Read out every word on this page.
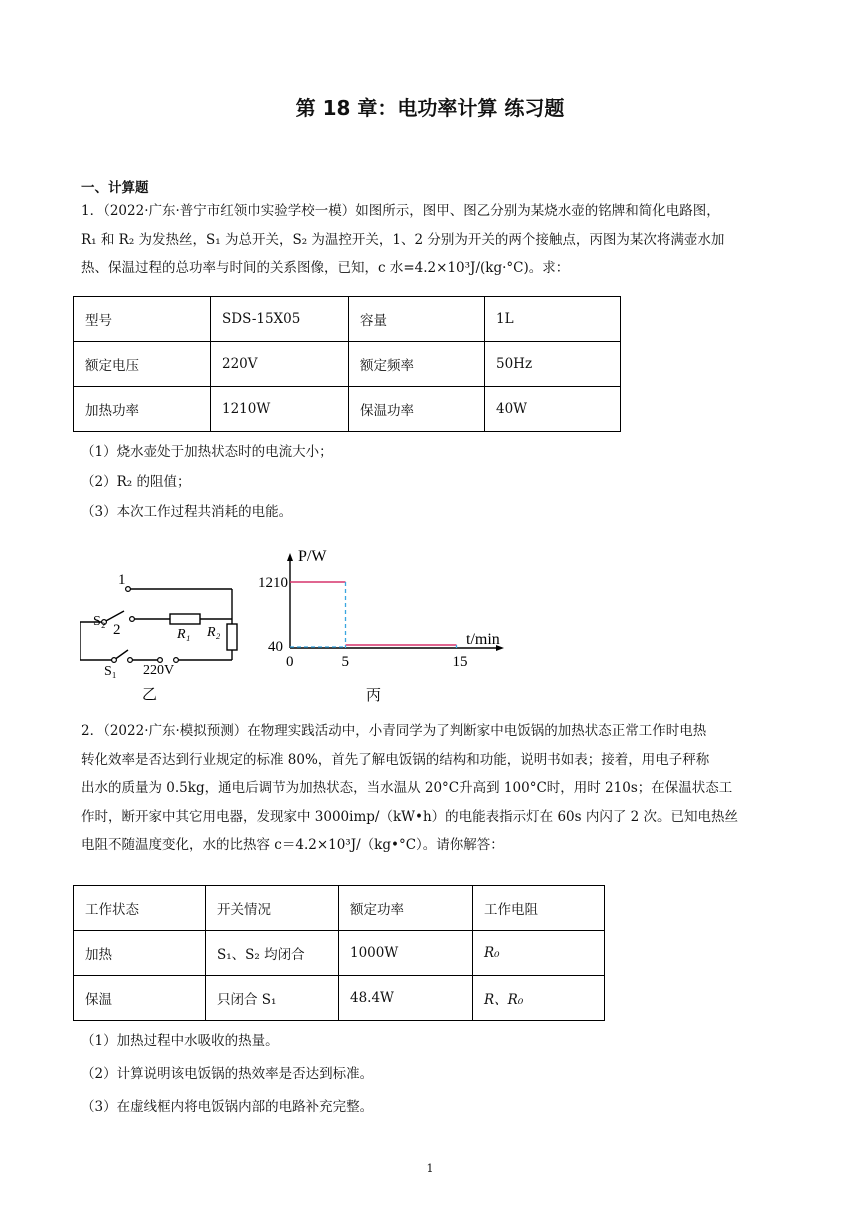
第 18 章：电功率计算 练习题
一、计算题

1．（2022·广东·普宁市红领巾实验学校一模）如图所示，图甲、图乙分别为某烧水壶的铭牌和简化电路图，

R₁ 和 R₂ 为发热丝，S₁ 为总开关，S₂ 为温控开关，1、2 分别为开关的两个接触点，丙图为某次将满壶水加

热、保温过程的总功率与时间的关系图像，已知，c 水=4.2×10³J/(kg·°C)。求：

型号	SDS-15X05	容量	1L
额定电压	220V	额定频率	50Hz
加热功率	1210W	保温功率	40W
（1）烧水壶处于加热状态时的电流大小；
（2）R₂ 的阻值；
（3）本次工作过程共消耗的电能。
1
2
S₂
S₁
R₁ R₂
220V
乙
0	5	15
1210
40
P/W
t/min
丙

2．（2022·广东·模拟预测）在物理实践活动中，小青同学为了判断家中电饭锅的加热状态正常工作时电热

转化效率是否达到行业规定的标准 80%，首先了解电饭锅的结构和功能，说明书如表；接着，用电子秤称

出水的质量为 0.5kg，通电后调节为加热状态，当水温从 20°C升高到 100°C时，用时 210s；在保温状态工

作时，断开家中其它用电器，发现家中 3000imp/（kW•h）的电能表指示灯在 60s 内闪了 2 次。已知电热丝

电阻不随温度变化，水的比热容 c＝4.2×10³J/（kg•°C）。请你解答：

工作状态	开关情况	额定功率	工作电阻
加热	S₁、S₂ 均闭合	1000W	R₀
保温	只闭合 S₁	48.4W	R、R₀
（1）加热过程中水吸收的热量。
（2）计算说明该电饭锅的热效率是否达到标准。
（3）在虚线框内将电饭锅内部的电路补充完整。
1
